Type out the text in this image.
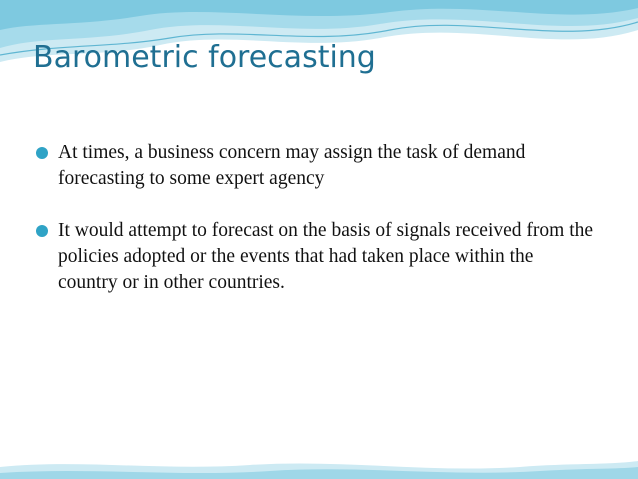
Barometric forecasting
At times, a business concern may assign the task of demand forecasting to some expert agency
It would attempt to forecast on the basis of signals received from the policies adopted or the events that had taken place within the country or in other countries.
